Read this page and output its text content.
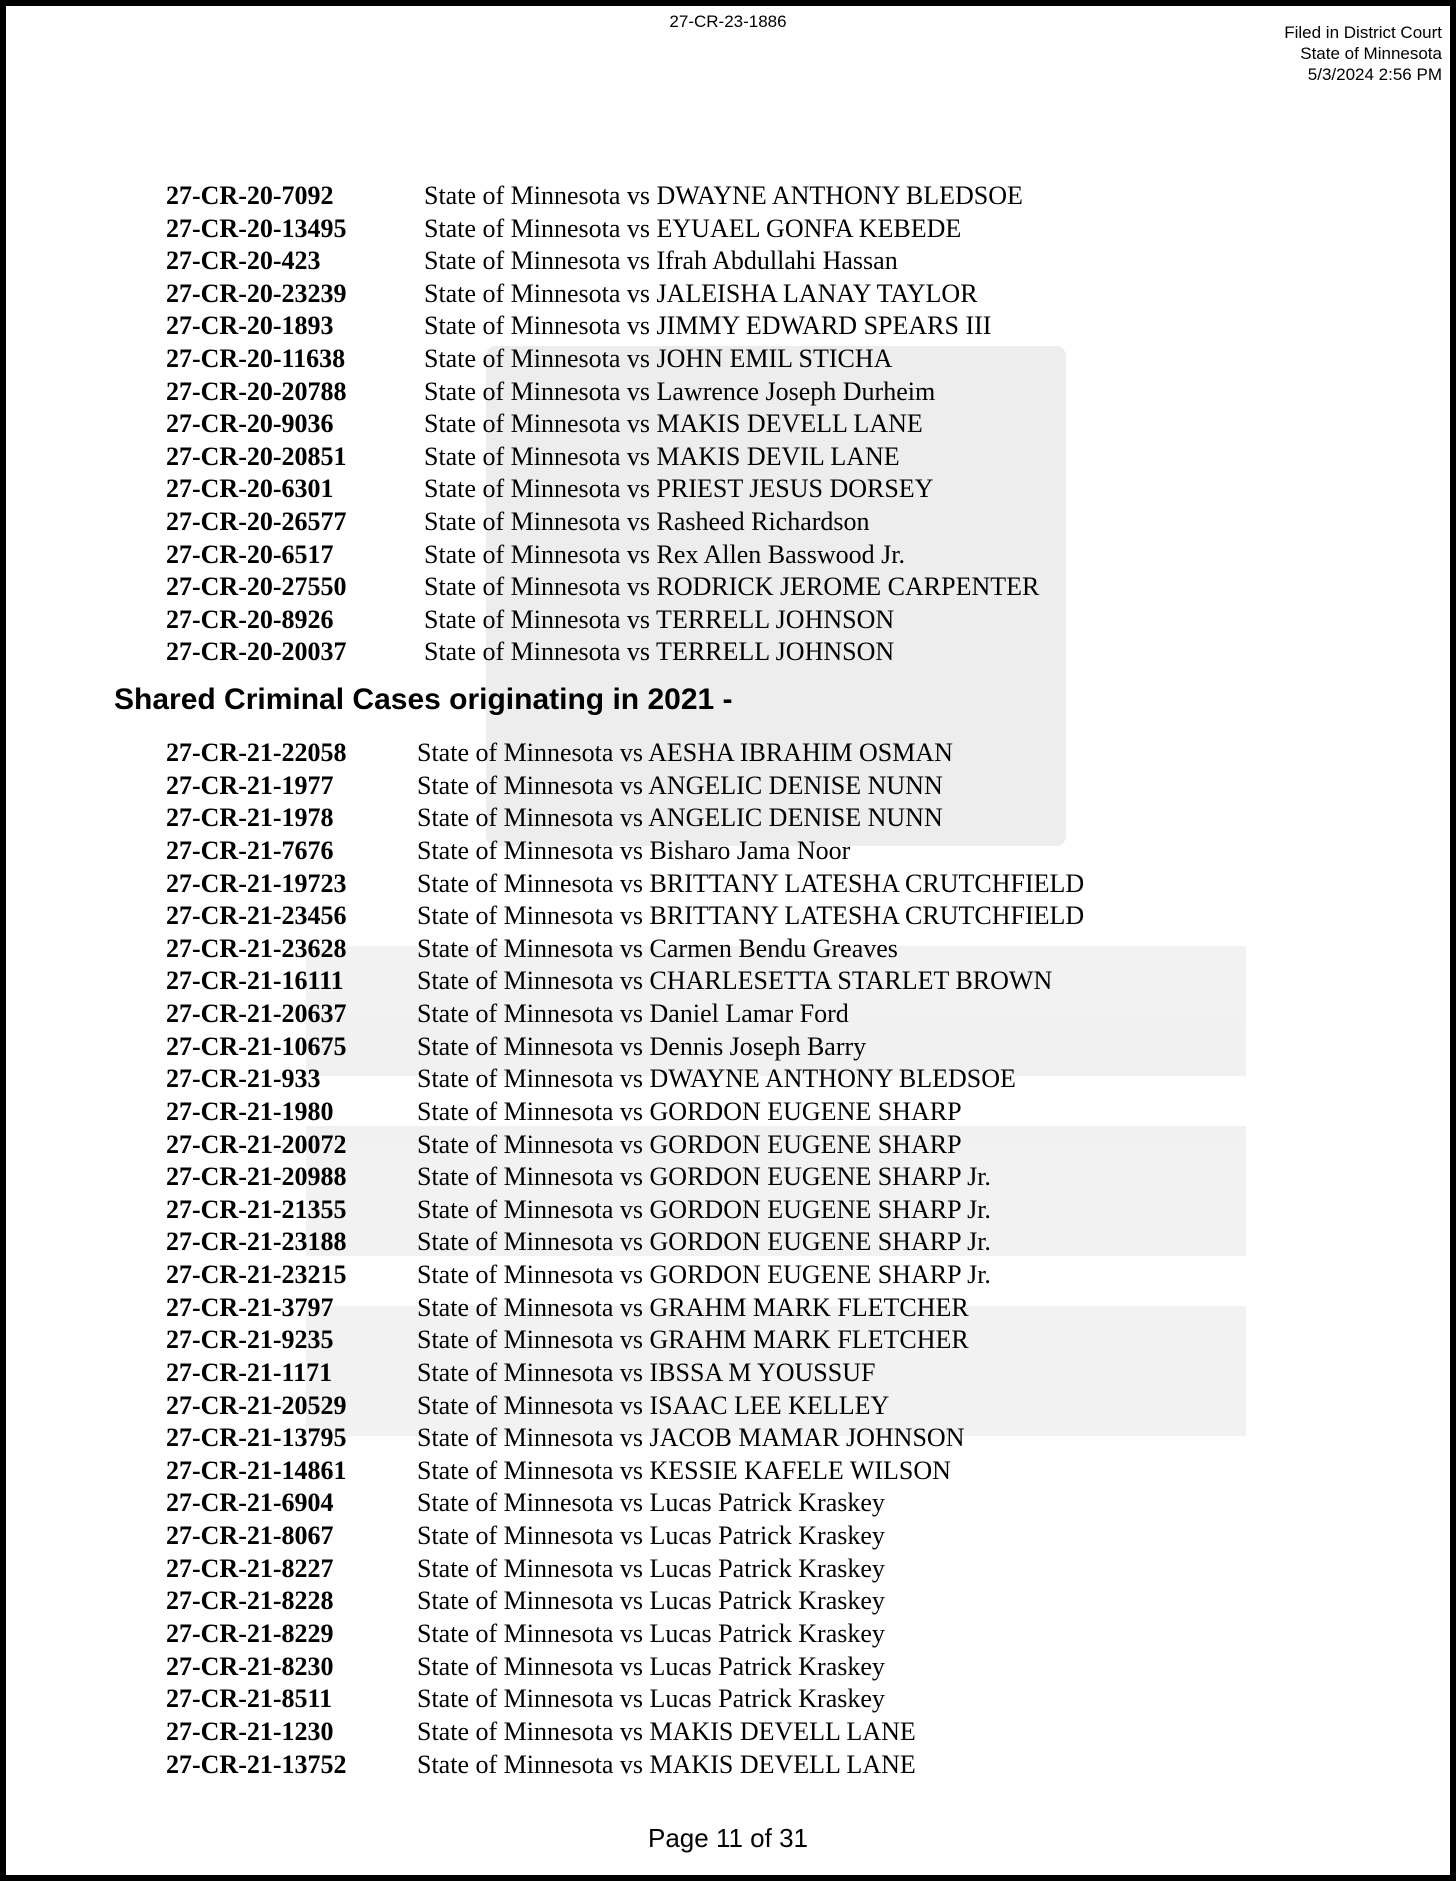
27-CR-23-1886
Filed in District Court
State of Minnesota
5/3/2024 2:56 PM
27-CR-20-7092	State of Minnesota vs DWAYNE ANTHONY BLEDSOE
27-CR-20-13495	State of Minnesota vs EYUAEL GONFA KEBEDE
27-CR-20-423	State of Minnesota vs Ifrah Abdullahi Hassan
27-CR-20-23239	State of Minnesota vs JALEISHA LANAY TAYLOR
27-CR-20-1893	State of Minnesota vs JIMMY EDWARD SPEARS III
27-CR-20-11638	State of Minnesota vs JOHN EMIL STICHA
27-CR-20-20788	State of Minnesota vs Lawrence Joseph Durheim
27-CR-20-9036	State of Minnesota vs MAKIS DEVELL LANE
27-CR-20-20851	State of Minnesota vs MAKIS DEVIL LANE
27-CR-20-6301	State of Minnesota vs PRIEST JESUS DORSEY
27-CR-20-26577	State of Minnesota vs Rasheed Richardson
27-CR-20-6517	State of Minnesota vs Rex Allen Basswood Jr.
27-CR-20-27550	State of Minnesota vs RODRICK JEROME CARPENTER
27-CR-20-8926	State of Minnesota vs TERRELL JOHNSON
27-CR-20-20037	State of Minnesota vs TERRELL JOHNSON
Shared Criminal Cases originating in 2021 -
27-CR-21-22058	State of Minnesota vs AESHA IBRAHIM OSMAN
27-CR-21-1977	State of Minnesota vs ANGELIC DENISE NUNN
27-CR-21-1978	State of Minnesota vs ANGELIC DENISE NUNN
27-CR-21-7676	State of Minnesota vs Bisharo Jama Noor
27-CR-21-19723	State of Minnesota vs BRITTANY LATESHA CRUTCHFIELD
27-CR-21-23456	State of Minnesota vs BRITTANY LATESHA CRUTCHFIELD
27-CR-21-23628	State of Minnesota vs Carmen Bendu Greaves
27-CR-21-16111	State of Minnesota vs CHARLESETTA STARLET BROWN
27-CR-21-20637	State of Minnesota vs Daniel Lamar Ford
27-CR-21-10675	State of Minnesota vs Dennis Joseph Barry
27-CR-21-933	State of Minnesota vs DWAYNE ANTHONY BLEDSOE
27-CR-21-1980	State of Minnesota vs GORDON EUGENE SHARP
27-CR-21-20072	State of Minnesota vs GORDON EUGENE SHARP
27-CR-21-20988	State of Minnesota vs GORDON EUGENE SHARP Jr.
27-CR-21-21355	State of Minnesota vs GORDON EUGENE SHARP Jr.
27-CR-21-23188	State of Minnesota vs GORDON EUGENE SHARP Jr.
27-CR-21-23215	State of Minnesota vs GORDON EUGENE SHARP Jr.
27-CR-21-3797	State of Minnesota vs GRAHM MARK FLETCHER
27-CR-21-9235	State of Minnesota vs GRAHM MARK FLETCHER
27-CR-21-1171	State of Minnesota vs IBSSA M YOUSSUF
27-CR-21-20529	State of Minnesota vs ISAAC LEE KELLEY
27-CR-21-13795	State of Minnesota vs JACOB MAMAR JOHNSON
27-CR-21-14861	State of Minnesota vs KESSIE KAFELE WILSON
27-CR-21-6904	State of Minnesota vs Lucas Patrick Kraskey
27-CR-21-8067	State of Minnesota vs Lucas Patrick Kraskey
27-CR-21-8227	State of Minnesota vs Lucas Patrick Kraskey
27-CR-21-8228	State of Minnesota vs Lucas Patrick Kraskey
27-CR-21-8229	State of Minnesota vs Lucas Patrick Kraskey
27-CR-21-8230	State of Minnesota vs Lucas Patrick Kraskey
27-CR-21-8511	State of Minnesota vs Lucas Patrick Kraskey
27-CR-21-1230	State of Minnesota vs MAKIS DEVELL LANE
27-CR-21-13752	State of Minnesota vs MAKIS DEVELL LANE
Page 11 of 31
